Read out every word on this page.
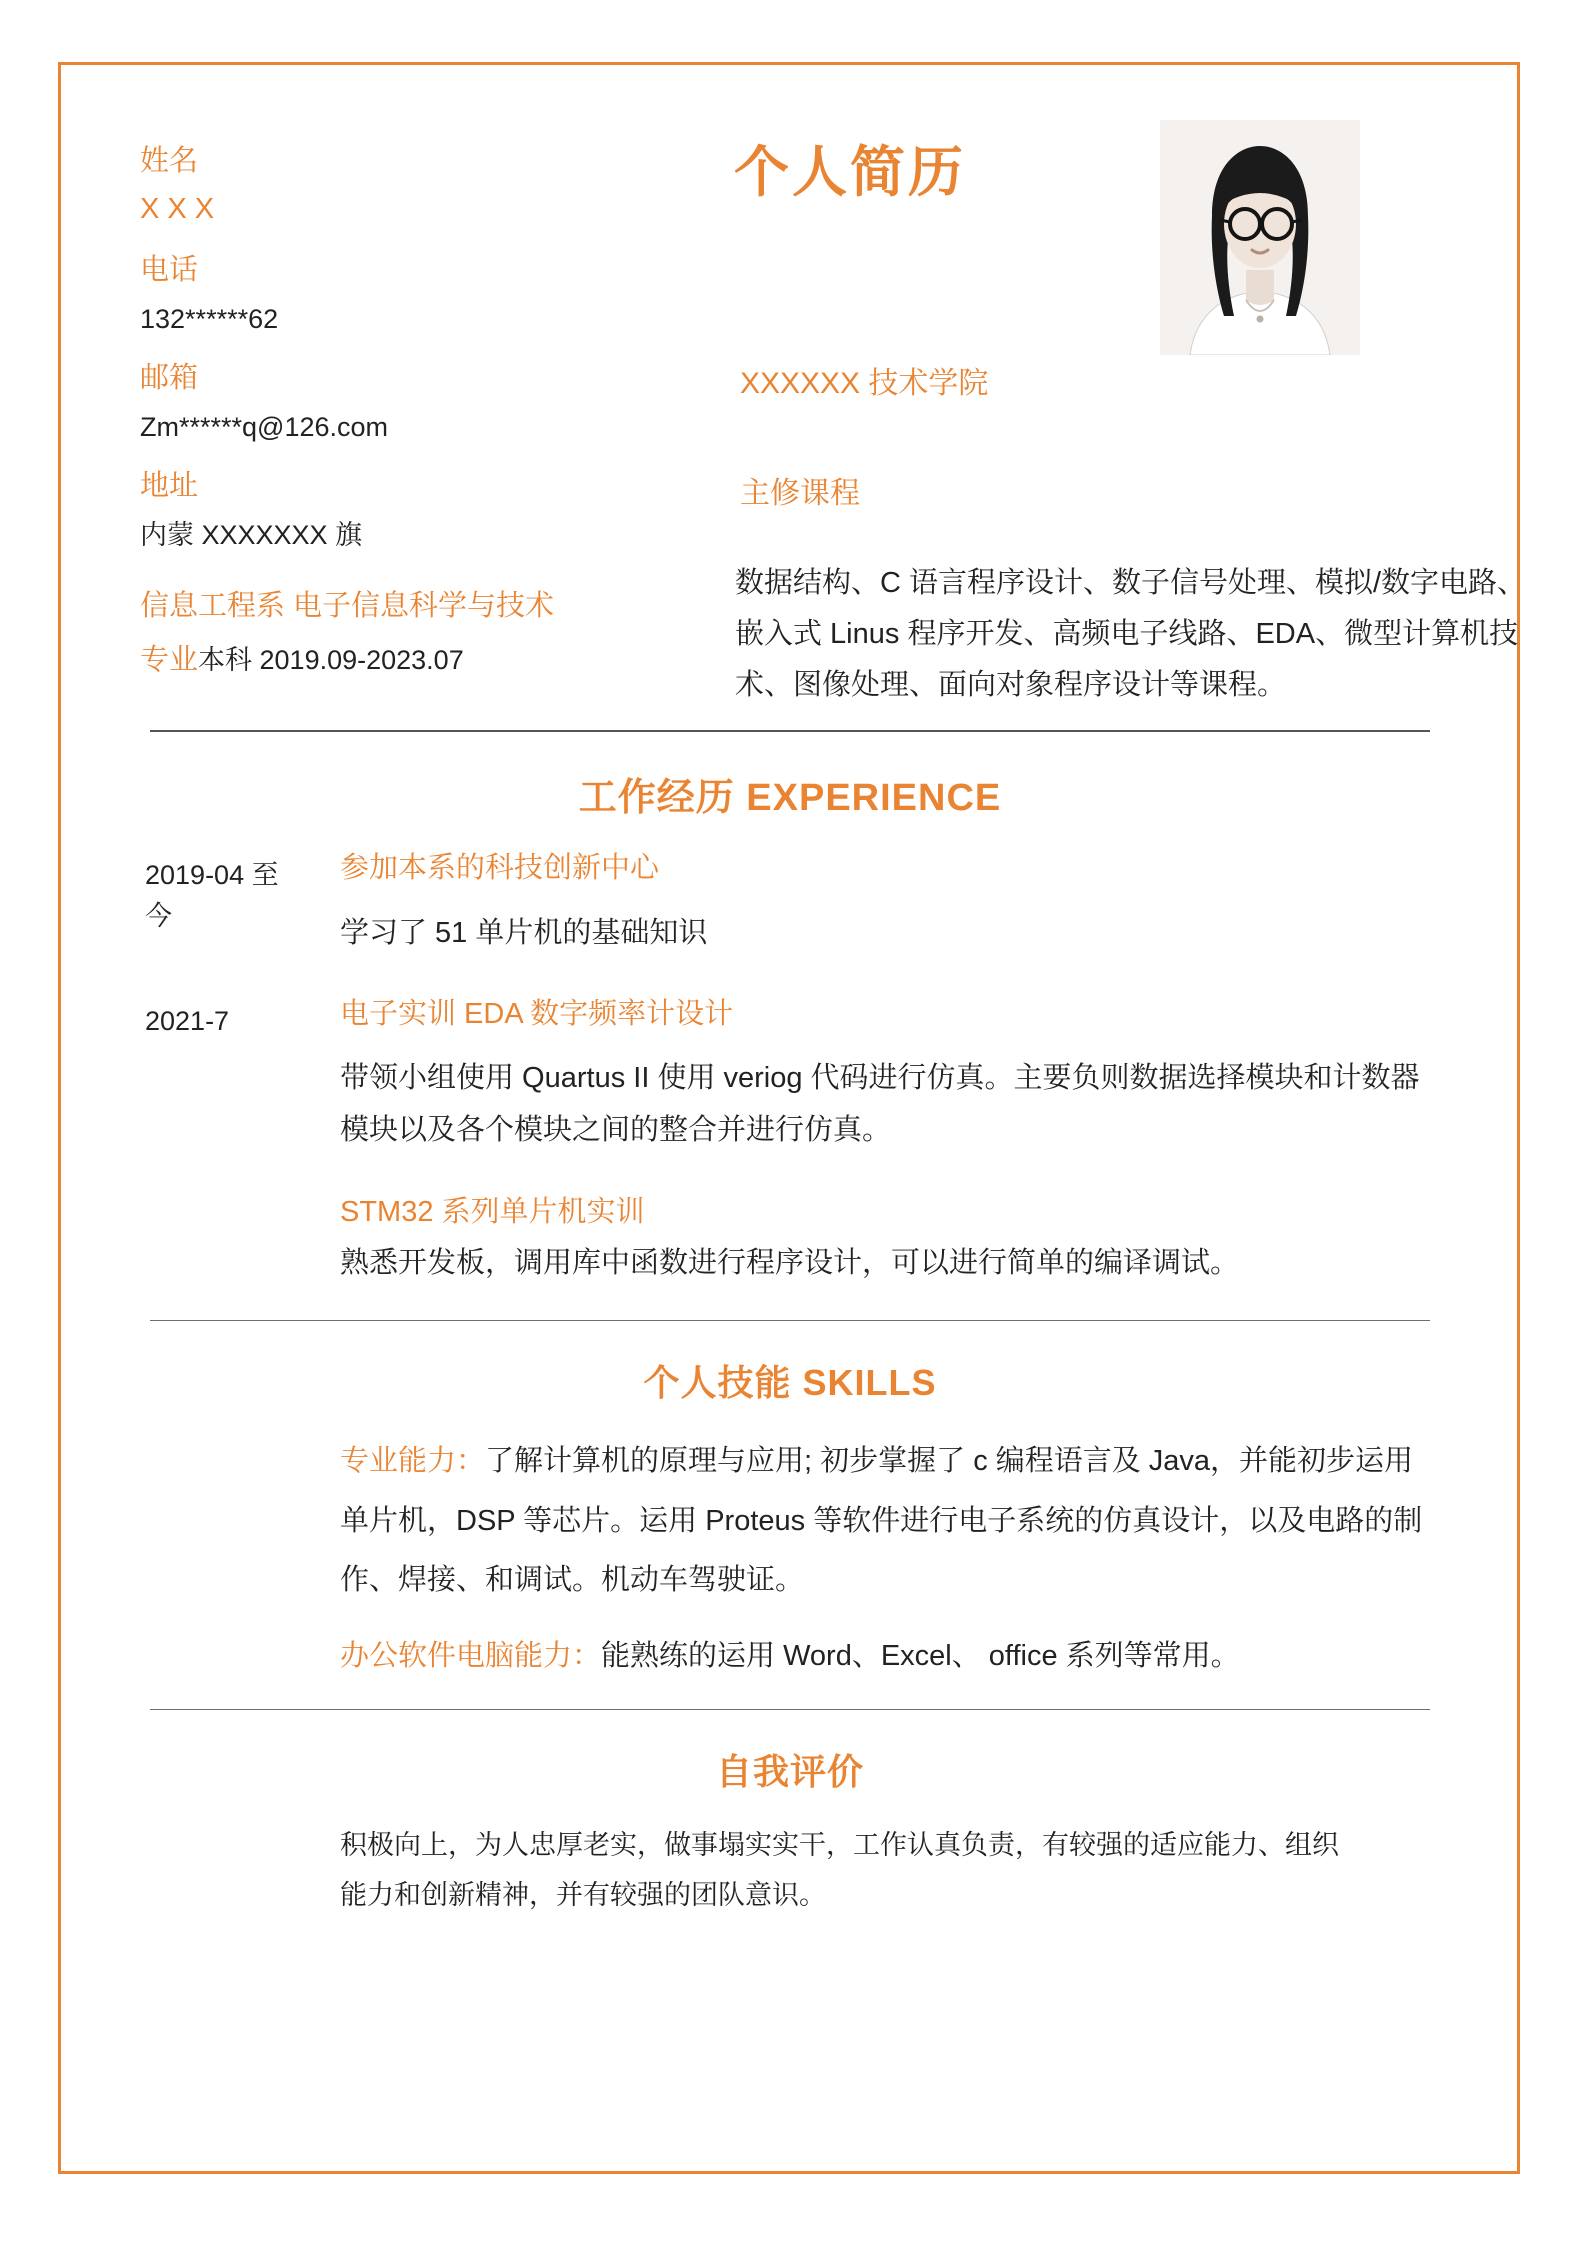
姓名
X X X
电话
132******62
邮箱
Zm******q@126.com
地址
内蒙 XXXXXXX 旗
信息工程系 电子信息科学与技术
专业本科 2019.09-2023.07
个人简历
XXXXXX 技术学院
主修课程
数据结构、C 语言程序设计、数子信号处理、模拟/数字电路、嵌入式 Linus 程序开发、高频电子线路、EDA、微型计算机技术、图像处理、面向对象程序设计等课程。
工作经历 EXPERIENCE
2019-04 至今
参加本系的科技创新中心
学习了 51 单片机的基础知识
2021-7	电子实训 EDA 数字频率计设计
带领小组使用 Quartus II 使用 veriog 代码进行仿真。主要负则数据选择模块和计数器模块以及各个模块之间的整合并进行仿真。
STM32 系列单片机实训
熟悉开发板，调用库中函数进行程序设计，可以进行简单的编译调试。
个人技能 SKILLS
专业能力：了解计算机的原理与应用; 初步掌握了 c 编程语言及 Java，并能初步运用单片机，DSP 等芯片。运用 Proteus 等软件进行电子系统的仿真设计，以及电路的制作、焊接、和调试。机动车驾驶证。
办公软件电脑能力：能熟练的运用 Word、Excel、 office 系列等常用。
自我评价
积极向上，为人忠厚老实，做事塌实实干，工作认真负责，有较强的适应能力、组织能力和创新精神，并有较强的团队意识。
